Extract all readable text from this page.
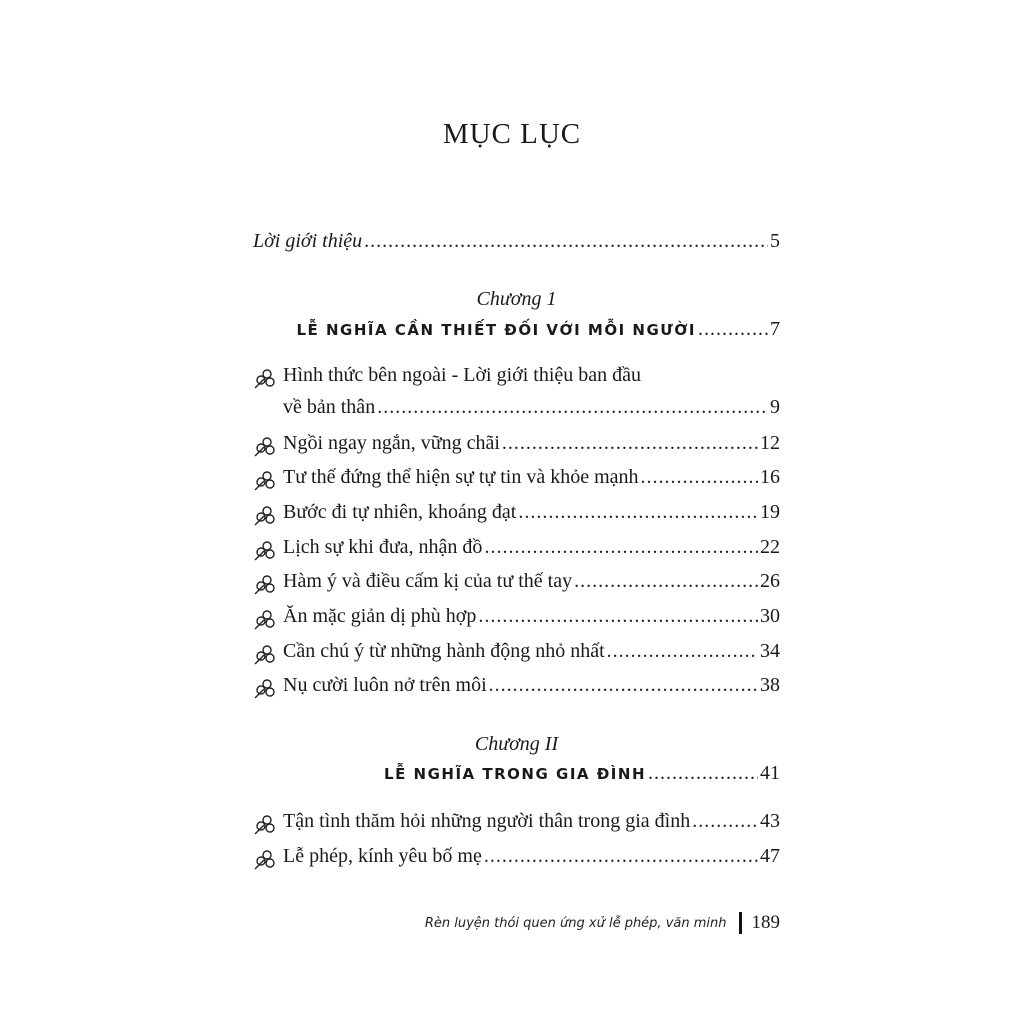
MỤC LỤC
Lời giới thiệu .....	5
Chương 1
LỄ NGHĨA CẦN THIẾT ĐỐI VỚI MỖI NGƯỜI .....	7
Hình thức bên ngoài - Lời giới thiệu ban đầu
về bản thân .....	9
Ngồi ngay ngắn, vững chãi .....	12
Tư thế đứng thể hiện sự tự tin và khỏe mạnh .....	16
Bước đi tự nhiên, khoáng đạt .....	19
Lịch sự khi đưa, nhận đồ .....	22
Hàm ý và điều cấm kị của tư thế tay .....	26
Ăn mặc giản dị phù hợp .....	30
Cần chú ý từ những hành động nhỏ nhất .....	34
Nụ cười luôn nở trên môi .....	38
Chương II
LỄ NGHĨA TRONG GIA ĐÌNH .....	41
Tận tình thăm hỏi những người thân trong gia đình .....	43
Lễ phép, kính yêu bố mẹ .....	47
Rèn luyện thói quen ứng xử lễ phép, văn minh 189
